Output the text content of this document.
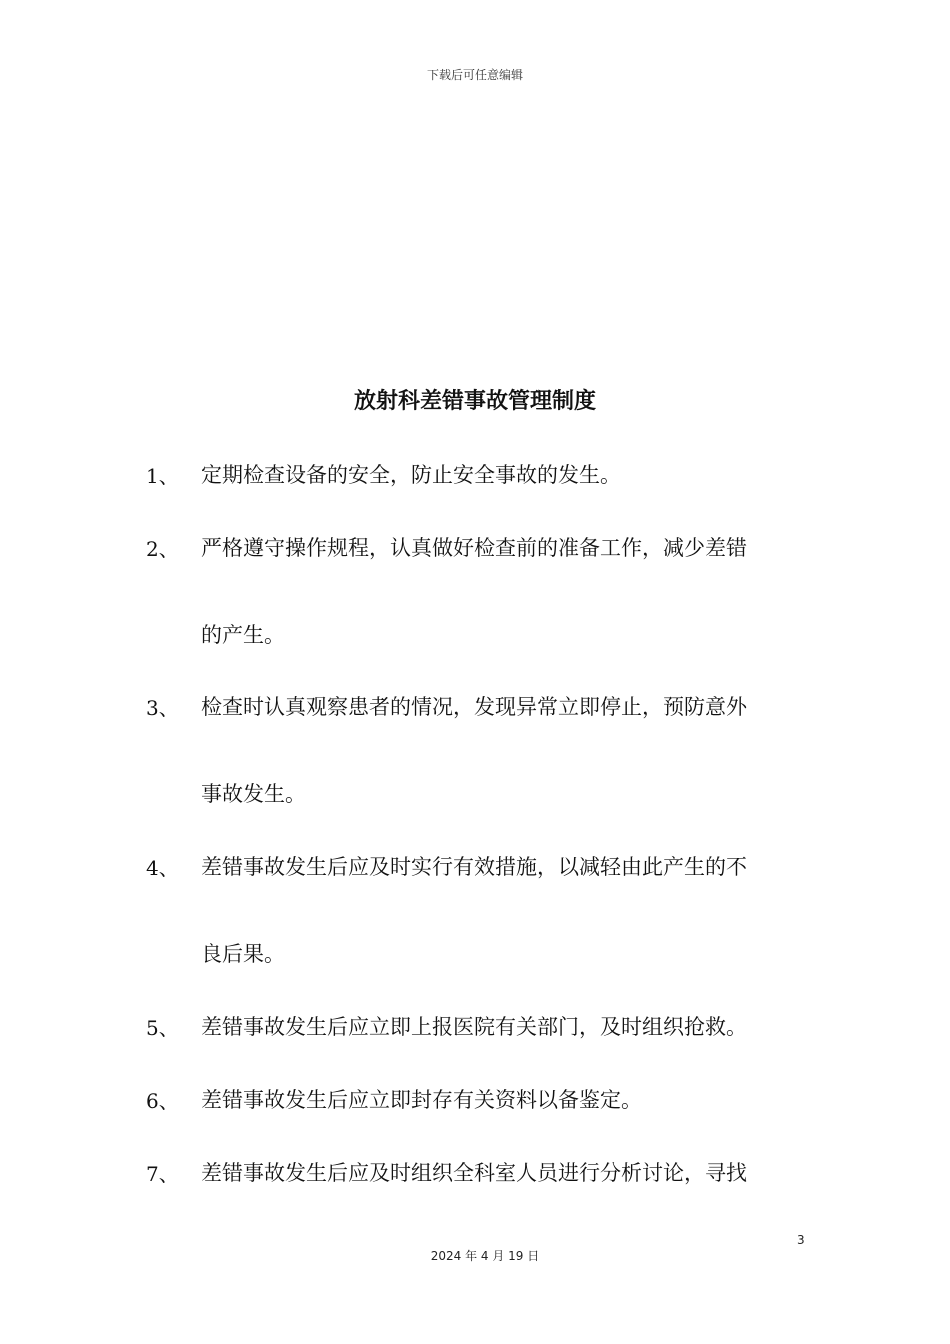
下载后可任意编辑
放射科差错事故管理制度
1、 定期检查设备的安全，防止安全事故的发生。
2、 严格遵守操作规程，认真做好检查前的准备工作，减少差错
的产生。
3、 检查时认真观察患者的情况，发现异常立即停止，预防意外
事故发生。
4、 差错事故发生后应及时实行有效措施，以减轻由此产生的不
良后果。
5、 差错事故发生后应立即上报医院有关部门，及时组织抢救。
6、 差错事故发生后应立即封存有关资料以备鉴定。
7、 差错事故发生后应及时组织全科室人员进行分析讨论，寻找
3
2024 年 4 月 19 日
